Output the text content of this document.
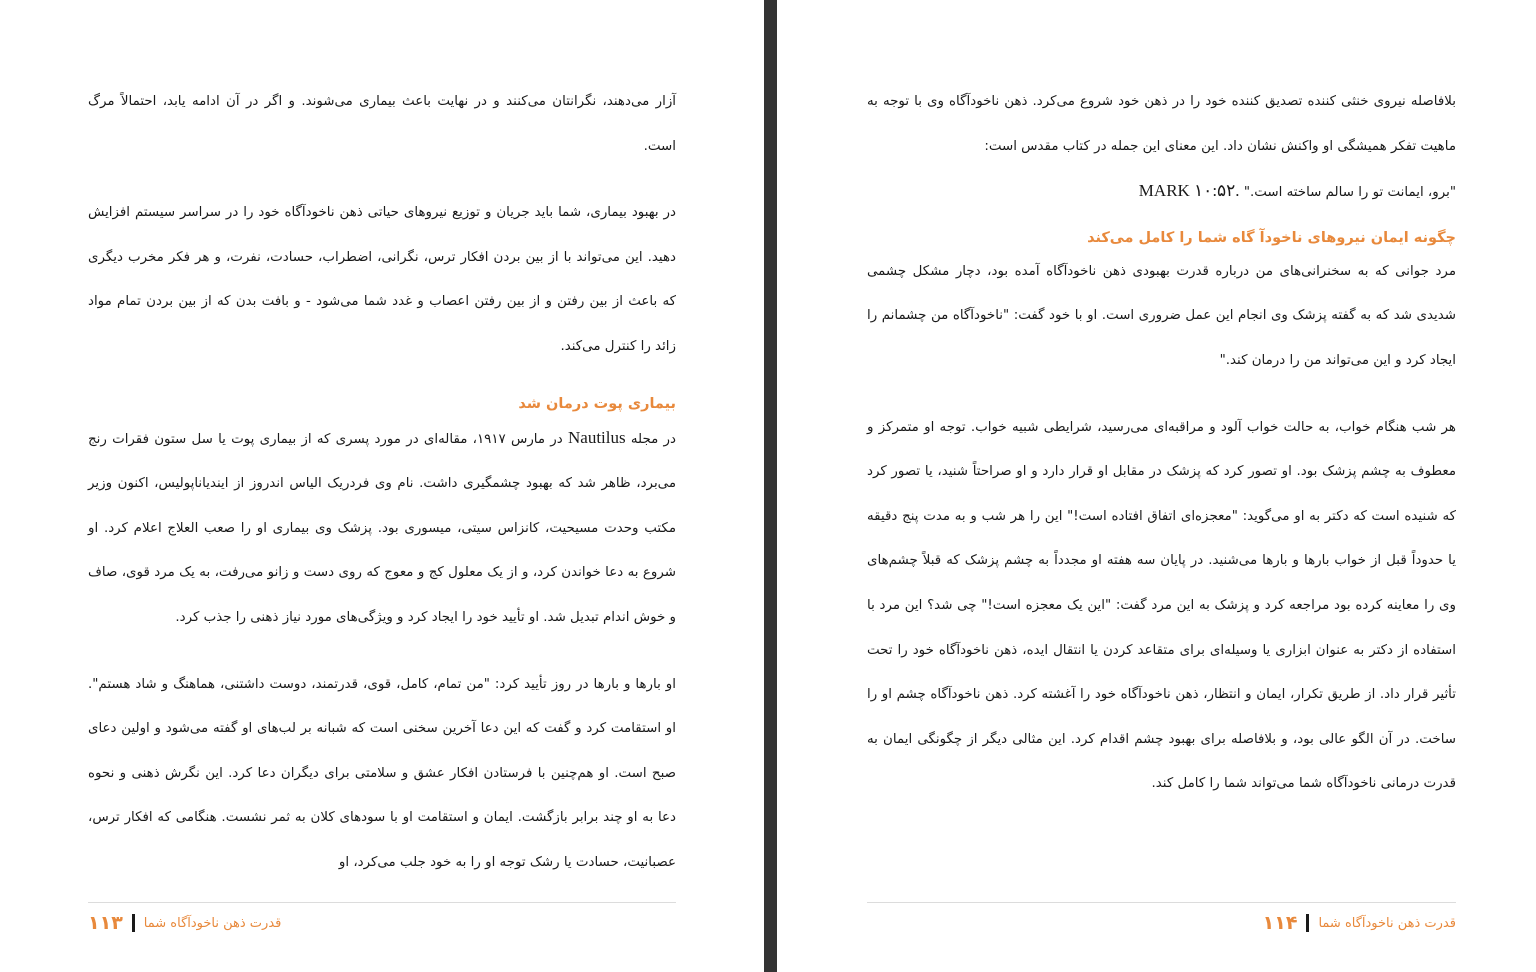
آزار می‌دهند، نگرانتان می‌کنند و در نهایت باعث بیماری می‌شوند. و اگر در آن ادامه یابد، احتمالاً مرگ است.

در بهبود بیماری، شما باید جریان و توزیع نیروهای حیاتی ذهن ناخودآگاه خود را در سراسر سیستم افزایش دهید. این می‌تواند با از بین بردن افکار ترس، نگرانی، اضطراب، حسادت، نفرت، و هر فکر مخرب دیگری که باعث از بین رفتن و از بین رفتن اعصاب و غدد شما می‌شود - و بافت بدن که از بین بردن تمام مواد زائد را کنترل می‌کند.

بیماری پوت درمان شد

در مجله Nautilus در مارس ۱۹۱۷، مقاله‌ای در مورد پسری که از بیماری پوت یا سل ستون فقرات رنج می‌برد، ظاهر شد که بهبود چشمگیری داشت. نام وی فردریک الیاس اندروز از ایندیاناپولیس، اکنون وزیر مکتب وحدت مسیحیت، کانزاس سیتی، میسوری بود. پزشک وی بیماری او را صعب العلاج اعلام کرد. او شروع به دعا خواندن کرد، و از یک معلول کج و معوج که روی دست و زانو می‌رفت، به یک مرد قوی، صاف و خوش اندام تبدیل شد. او تأیید خود را ایجاد کرد و ویژگی‌های مورد نیاز ذهنی را جذب کرد.

او بارها و بارها در روز تأیید کرد: "من تمام، کامل، قوی، قدرتمند، دوست داشتنی، هماهنگ و شاد هستم". او استقامت کرد و گفت که این دعا آخرین سخنی است که شبانه بر لب‌های او گفته می‌شود و اولین دعای صبح است. او هم‌چنین با فرستادن افکار عشق و سلامتی برای دیگران دعا کرد. این نگرش ذهنی و نحوه دعا به او چند برابر بازگشت. ایمان و استقامت او با سودهای کلان به ثمر نشست. هنگامی که افکار ترس، عصبانیت، حسادت یا رشک توجه او را به خود جلب می‌کرد، او

۱۱۳ قدرت ذهن ناخودآگاه شما

بلافاصله نیروی خنثی کننده تصدیق کننده خود را در ذهن خود شروع می‌کرد. ذهن ناخودآگاه وی با توجه به ماهیت تفکر همیشگی او واکنش نشان داد. این معنای این جمله در کتاب مقدس است:
"برو، ایمانت تو را سالم ساخته است." MARK ۱۰:۵۲.

چگونه ایمان نیروهای ناخودآ گاه شما را کامل می‌کند

مرد جوانی که به سخنرانی‌های من درباره قدرت بهبودی ذهن ناخودآگاه آمده بود، دچار مشکل چشمی شدیدی شد که به گفته پزشک وی انجام این عمل ضروری است. او با خود گفت: "ناخودآگاه من چشمانم را ایجاد کرد و این می‌تواند من را درمان کند."

هر شب هنگام خواب، به حالت خواب آلود و مراقبه‌ای می‌رسید، شرایطی شبیه خواب. توجه او متمرکز و معطوف به چشم پزشک بود. او تصور کرد که پزشک در مقابل او قرار دارد و او صراحتاً شنید، یا تصور کرد که شنیده است که دکتر به او می‌گوید: "معجزه‌ای اتفاق افتاده است!" این را هر شب و به مدت پنج دقیقه یا حدوداً قبل از خواب بارها و بارها می‌شنید. در پایان سه هفته او مجدداً به چشم پزشک که قبلاً چشم‌های وی را معاینه کرده بود مراجعه کرد و پزشک به این مرد گفت: "این یک معجزه است!" چی شد؟ این مرد با استفاده از دکتر به عنوان ابزاری یا وسیله‌ای برای متقاعد کردن یا انتقال ایده، ذهن ناخودآگاه خود را تحت تأثیر قرار داد. از طریق تکرار، ایمان و انتظار، ذهن ناخودآگاه خود را آغشته کرد. ذهن ناخودآگاه چشم او را ساخت. در آن الگو عالی بود، و بلافاصله برای بهبود چشم اقدام کرد. این مثالی دیگر از چگونگی ایمان به قدرت درمانی ناخودآگاه شما می‌تواند شما را کامل کند.

۱۱۴ قدرت ذهن ناخودآگاه شما
